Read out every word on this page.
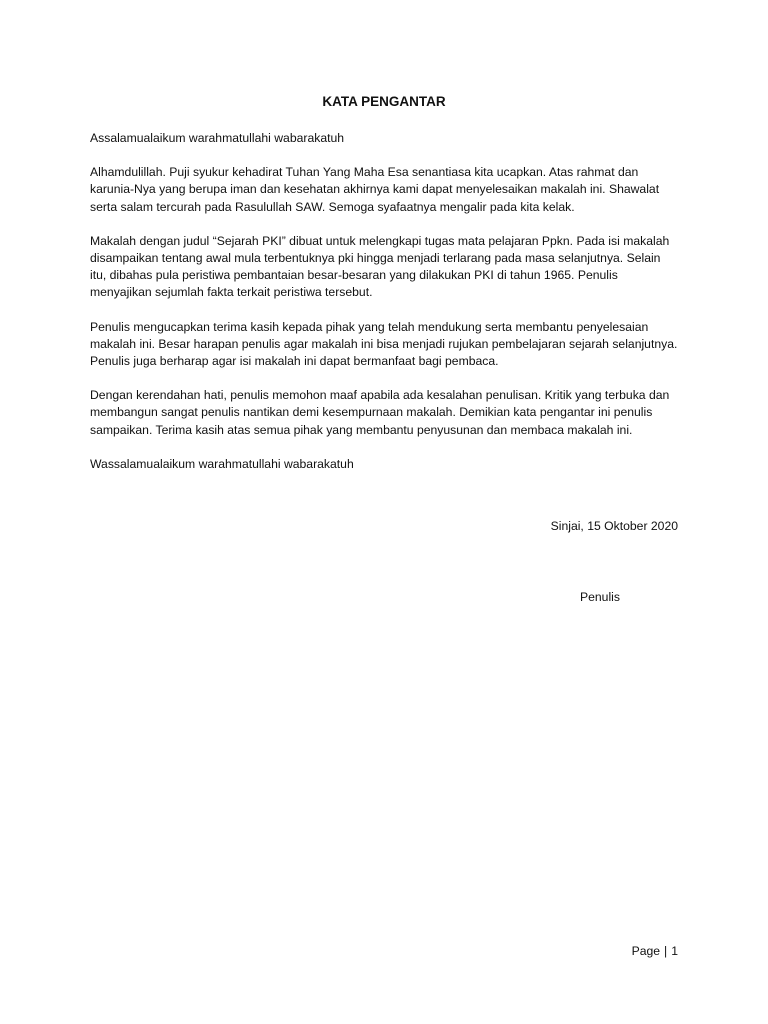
KATA PENGANTAR

Assalamualaikum warahmatullahi wabarakatuh

Alhamdulillah. Puji syukur kehadirat Tuhan Yang Maha Esa senantiasa kita ucapkan. Atas rahmat dan karunia-Nya yang berupa iman dan kesehatan akhirnya kami dapat menyelesaikan makalah ini. Shawalat serta salam tercurah pada Rasulullah SAW. Semoga syafaatnya mengalir pada kita kelak.

Makalah dengan judul “Sejarah PKI” dibuat untuk melengkapi tugas mata pelajaran Ppkn. Pada isi makalah disampaikan tentang awal mula terbentuknya pki hingga menjadi terlarang pada masa selanjutnya. Selain itu, dibahas pula peristiwa pembantaian besar-besaran yang dilakukan PKI di tahun 1965. Penulis menyajikan sejumlah fakta terkait peristiwa tersebut.

Penulis mengucapkan terima kasih kepada pihak yang telah mendukung serta membantu penyelesaian makalah ini. Besar harapan penulis agar makalah ini bisa menjadi rujukan pembelajaran sejarah selanjutnya. Penulis juga berharap agar isi makalah ini dapat bermanfaat bagi pembaca.

Dengan kerendahan hati, penulis memohon maaf apabila ada kesalahan penulisan. Kritik yang terbuka dan membangun sangat penulis nantikan demi kesempurnaan makalah. Demikian kata pengantar ini penulis sampaikan. Terima kasih atas semua pihak yang membantu penyusunan dan membaca makalah ini.

Wassalamualaikum warahmatullahi wabarakatuh

Sinjai, 15 Oktober 2020
Penulis
Page | 1
